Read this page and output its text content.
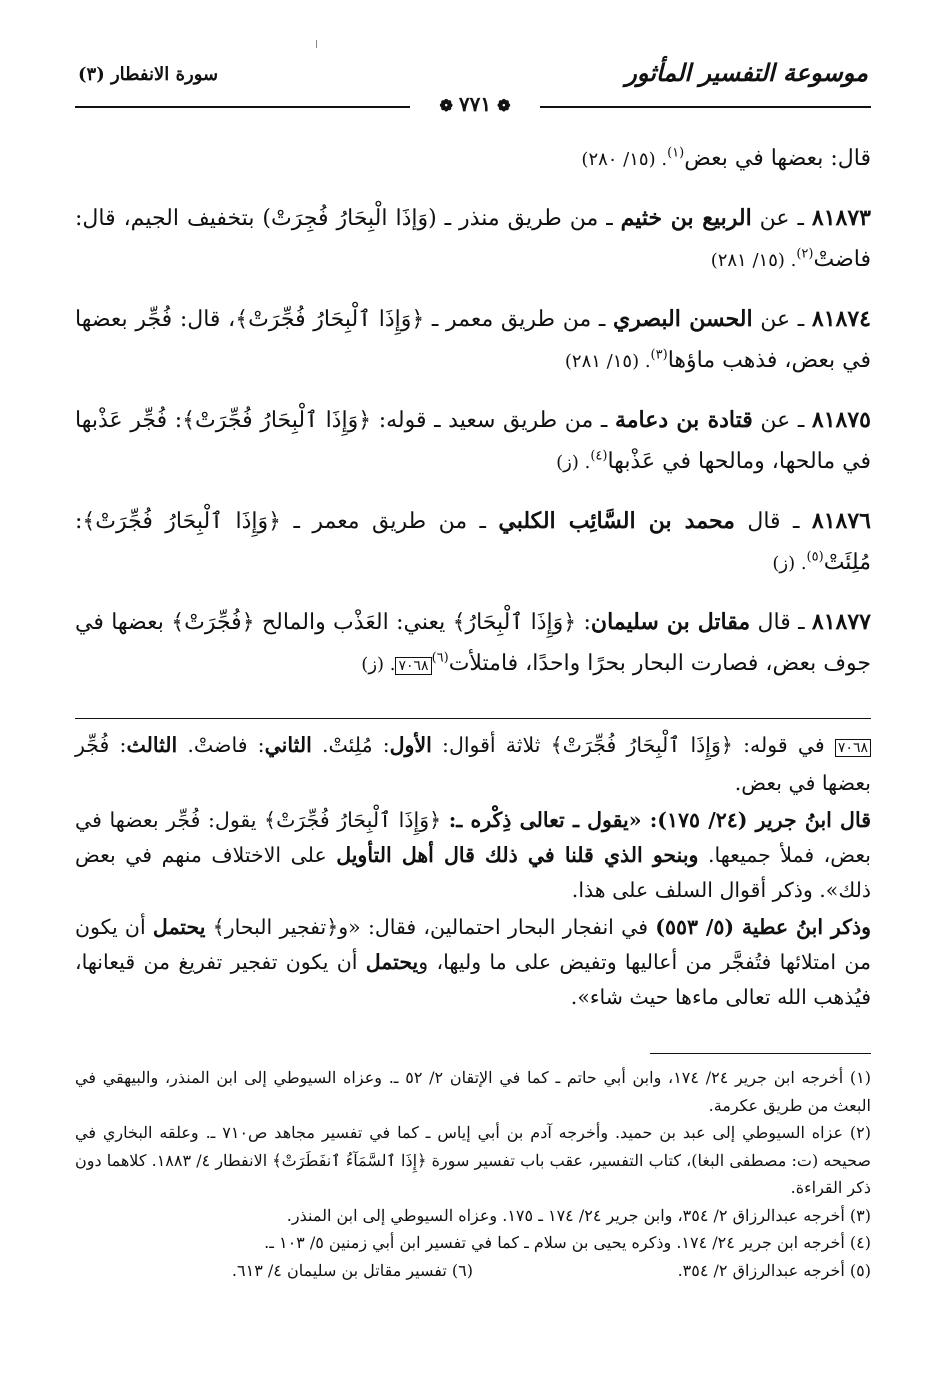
موسوعة التفسير المأثور
سورة الانفطار (٣)
❁٧٧١❁

قال: بعضها في بعض$^{(١)}$. (١٥/ ٢٨٠)

٨١٨٧٣ ـ عن الربيع بن خثيم ـ من طريق منذر ـ (وَإذَا الْبِحَارُ فُجِرَتْ) بتخفيف الجيم، قال: فاضتْ$^{(٢)}$. (١٥/ ٢٨١)

٨١٨٧٤ ـ عن الحسن البصري ـ من طريق معمر ـ ﴿وَإِذَا ٱلْبِحَارُ فُجِّرَتْ﴾، قال: فُجِّر بعضها في بعض، فذهب ماؤها$^{(٣)}$. (١٥/ ٢٨١)

٨١٨٧٥ ـ عن قتادة بن دعامة ـ من طريق سعيد ـ قوله: ﴿وَإِذَا ٱلْبِحَارُ فُجِّرَتْ﴾: فُجِّر عَذْبها في مالحها، ومالحها في عَذْبها$^{(٤)}$. (ز)

٨١٨٧٦ ـ قال محمد بن السَّائِب الكلبي ـ من طريق معمر ـ ﴿وَإِذَا ٱلْبِحَارُ فُجِّرَتْ﴾: مُلِئَتْ$^{(٥)}$. (ز)

٨١٨٧٧ ـ قال مقاتل بن سليمان: ﴿وَإِذَا ٱلْبِحَارُ﴾ يعني: العَذْب والمالح ﴿فُجِّرَتْ﴾ بعضها في جوف بعض، فصارت البحار بحرًا واحدًا، فامتلأت$^{(٦)}$٧٠٦٨. (ز)

٧٠٦٨ في قوله: ﴿وَإِذَا ٱلْبِحَارُ فُجِّرَتْ﴾ ثلاثة أقوال: الأول: مُلِئتْ. الثاني: فاضتْ. الثالث: فُجِّر بعضها في بعض.

قال ابنُ جرير (٢٤/ ١٧٥): «يقول ـ تعالى ذِكْره ـ: ﴿وَإِذَا ٱلْبِحَارُ فُجِّرَتْ﴾ يقول: فُجِّر بعضها في بعض، فملأ جميعها. وبنحو الذي قلنا في ذلك قال أهل التأويل على الاختلاف منهم في بعض ذلك». وذكر أقوال السلف على هذا.

وذكر ابنُ عطية (٥/ ٥٥٣) في انفجار البحار احتمالين، فقال: «و﴿تفجير البحار﴾ يحتمل أن يكون من امتلائها فتُفجَّر من أعاليها وتفيض على ما وليها، ويحتمل أن يكون تفجير تفريغ من قيعانها، فيُذهب الله تعالى ماءها حيث شاء».

(١) أخرجه ابن جرير ٢٤/ ١٧٤، وابن أبي حاتم ـ كما في الإتقان ٢/ ٥٢ ـ. وعزاه السيوطي إلى ابن المنذر، والبيهقي في البعث من طريق عكرمة.

(٢) عزاه السيوطي إلى عبد بن حميد. وأخرجه آدم بن أبي إياس ـ كما في تفسير مجاهد ص٧١٠ ـ. وعلقه البخاري في صحيحه (ت: مصطفى البغا)، كتاب التفسير، عقب باب تفسير سورة ﴿إِذَا ٱلسَّمَآءُ ٱنفَطَرَتْ﴾ الانفطار ٤/ ١٨٨٣. كلاهما دون ذكر القراءة.

(٣) أخرجه عبدالرزاق ٢/ ٣٥٤، وابن جرير ٢٤/ ١٧٤ ـ ١٧٥. وعزاه السيوطي إلى ابن المنذر.

(٤) أخرجه ابن جرير ٢٤/ ١٧٤. وذكره يحيى بن سلام ـ كما في تفسير ابن أبي زمنين ٥/ ١٠٣ ـ.

(٥) أخرجه عبدالرزاق ٢/ ٣٥٤.
(٦) تفسير مقاتل بن سليمان ٤/ ٦١٣.
